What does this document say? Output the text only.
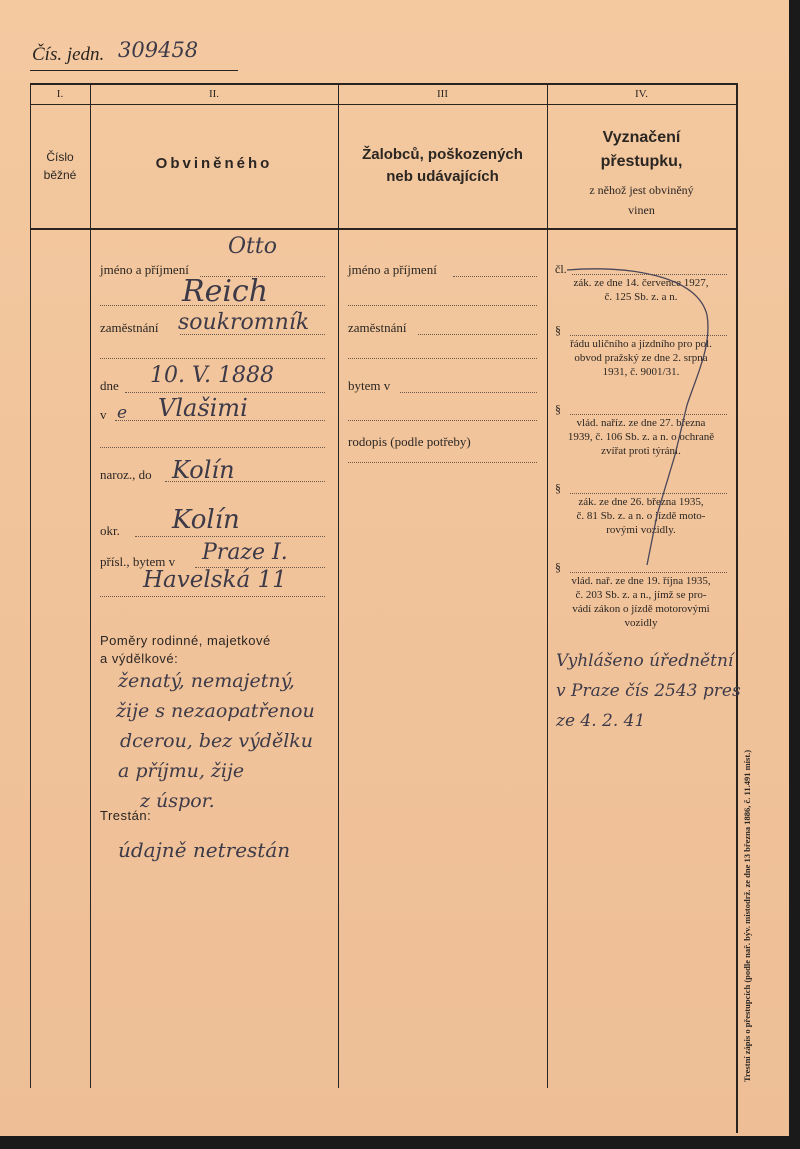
Čís. jedn. 309458
I.	II.	III	IV.
Číslo
běžné
Obviněného
Žalobců, poškozených
neb udávajících
Vyznačení
přestupku,
z něhož jest obviněný
vinen
jméno a příjmení
Otto
Reich
zaměstnání soukromník
dne 10. V. 1888
v e Vlašimi
naroz., do Kolín
okr. Kolín
přísl., bytem v Praze I.
Havelská 11
Poměry rodinné, majetkové
a výdělkové:
ženatý, nemajetný,
žije s nezaopatřenou
dcerou, bez výdělku
a příjmu, žije
z úspor.
Trestán:
údajně netrestán
jméno a příjmení
zaměstnání
bytem v
rodopis (podle potřeby)
čl.
zák. ze dne 14. července 1927,
č. 125 Sb. z. a n.
§
řádu uličního a jízdního pro pol.
obvod pražský ze dne 2. srpna
1931, č. 9001/31.
§
vlád. naříz. ze dne 27. března
1939, č. 106 Sb. z. a n. o ochraně
zvířat proti týrání.
§
zák. ze dne 26. března 1935,
č. 81 Sb. z. a n. o jízdě moto-
rovými vozidly.
§
vlád. nař. ze dne 19. října 1935,
č. 203 Sb. z. a n., jímž se pro-
vádí zákon o jízdě motorovými
vozidly
Vyhlášeno úřednětní
v Praze čís 2543 pres
ze 4. 2. 41
Trestní zápis o přestupcích (podle nař. býv. místodrž. ze dne 13 března 1886, č. 11.491 míst.)
